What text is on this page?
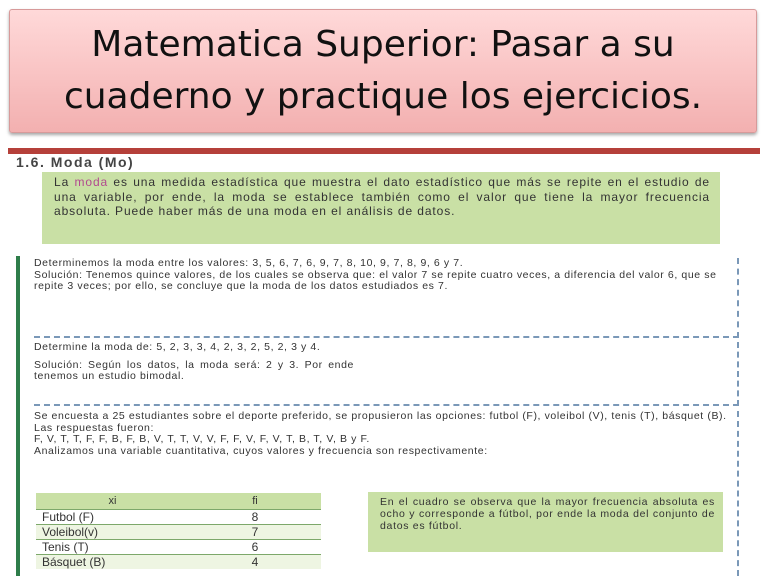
Matematica Superior: Pasar a su cuaderno y practique los ejercicios.
1.6. Moda (Mo)
La moda es una medida estadística que muestra el dato estadístico que más se repite en el estudio de una variable, por ende, la moda se establece también como el valor que tiene la mayor frecuencia absoluta. Puede haber más de una moda en el análisis de datos.

Determinemos la moda entre los valores: 3, 5, 6, 7, 6, 9, 7, 8, 10, 9, 7, 8, 9, 6 y 7.

Solución: Tenemos quince valores, de los cuales se observa que: el valor 7 se repite cuatro veces, a diferencia del valor 6, que se repite 3 veces; por ello, se concluye que la moda de los datos estudiados es 7.

Determine la moda de: 5, 2, 3, 3, 4, 2, 3, 2, 5, 2, 3 y 4.

Solución: Según los datos, la moda será: 2 y 3. Por ende tenemos un estudio bimodal.

Se encuesta a 25 estudiantes sobre el deporte preferido, se propusieron las opciones: futbol (F), voleibol (V), tenis (T), básquet (B). Las respuestas fueron:

F, V, T, T, F, F, B, F, B, V, T, T, V, V, F, F, V, F, V, T, B, T, V, B y F.

Analizamos una variable cuantitativa, cuyos valores y frecuencia son respectivamente:

xi	fi
Futbol (F)	8
Voleibol(v)	7
Tenis (T)	6
Básquet (B)	4
En el cuadro se observa que la mayor frecuencia absoluta es ocho y corresponde a fútbol, por ende la moda del conjunto de datos es fútbol.
